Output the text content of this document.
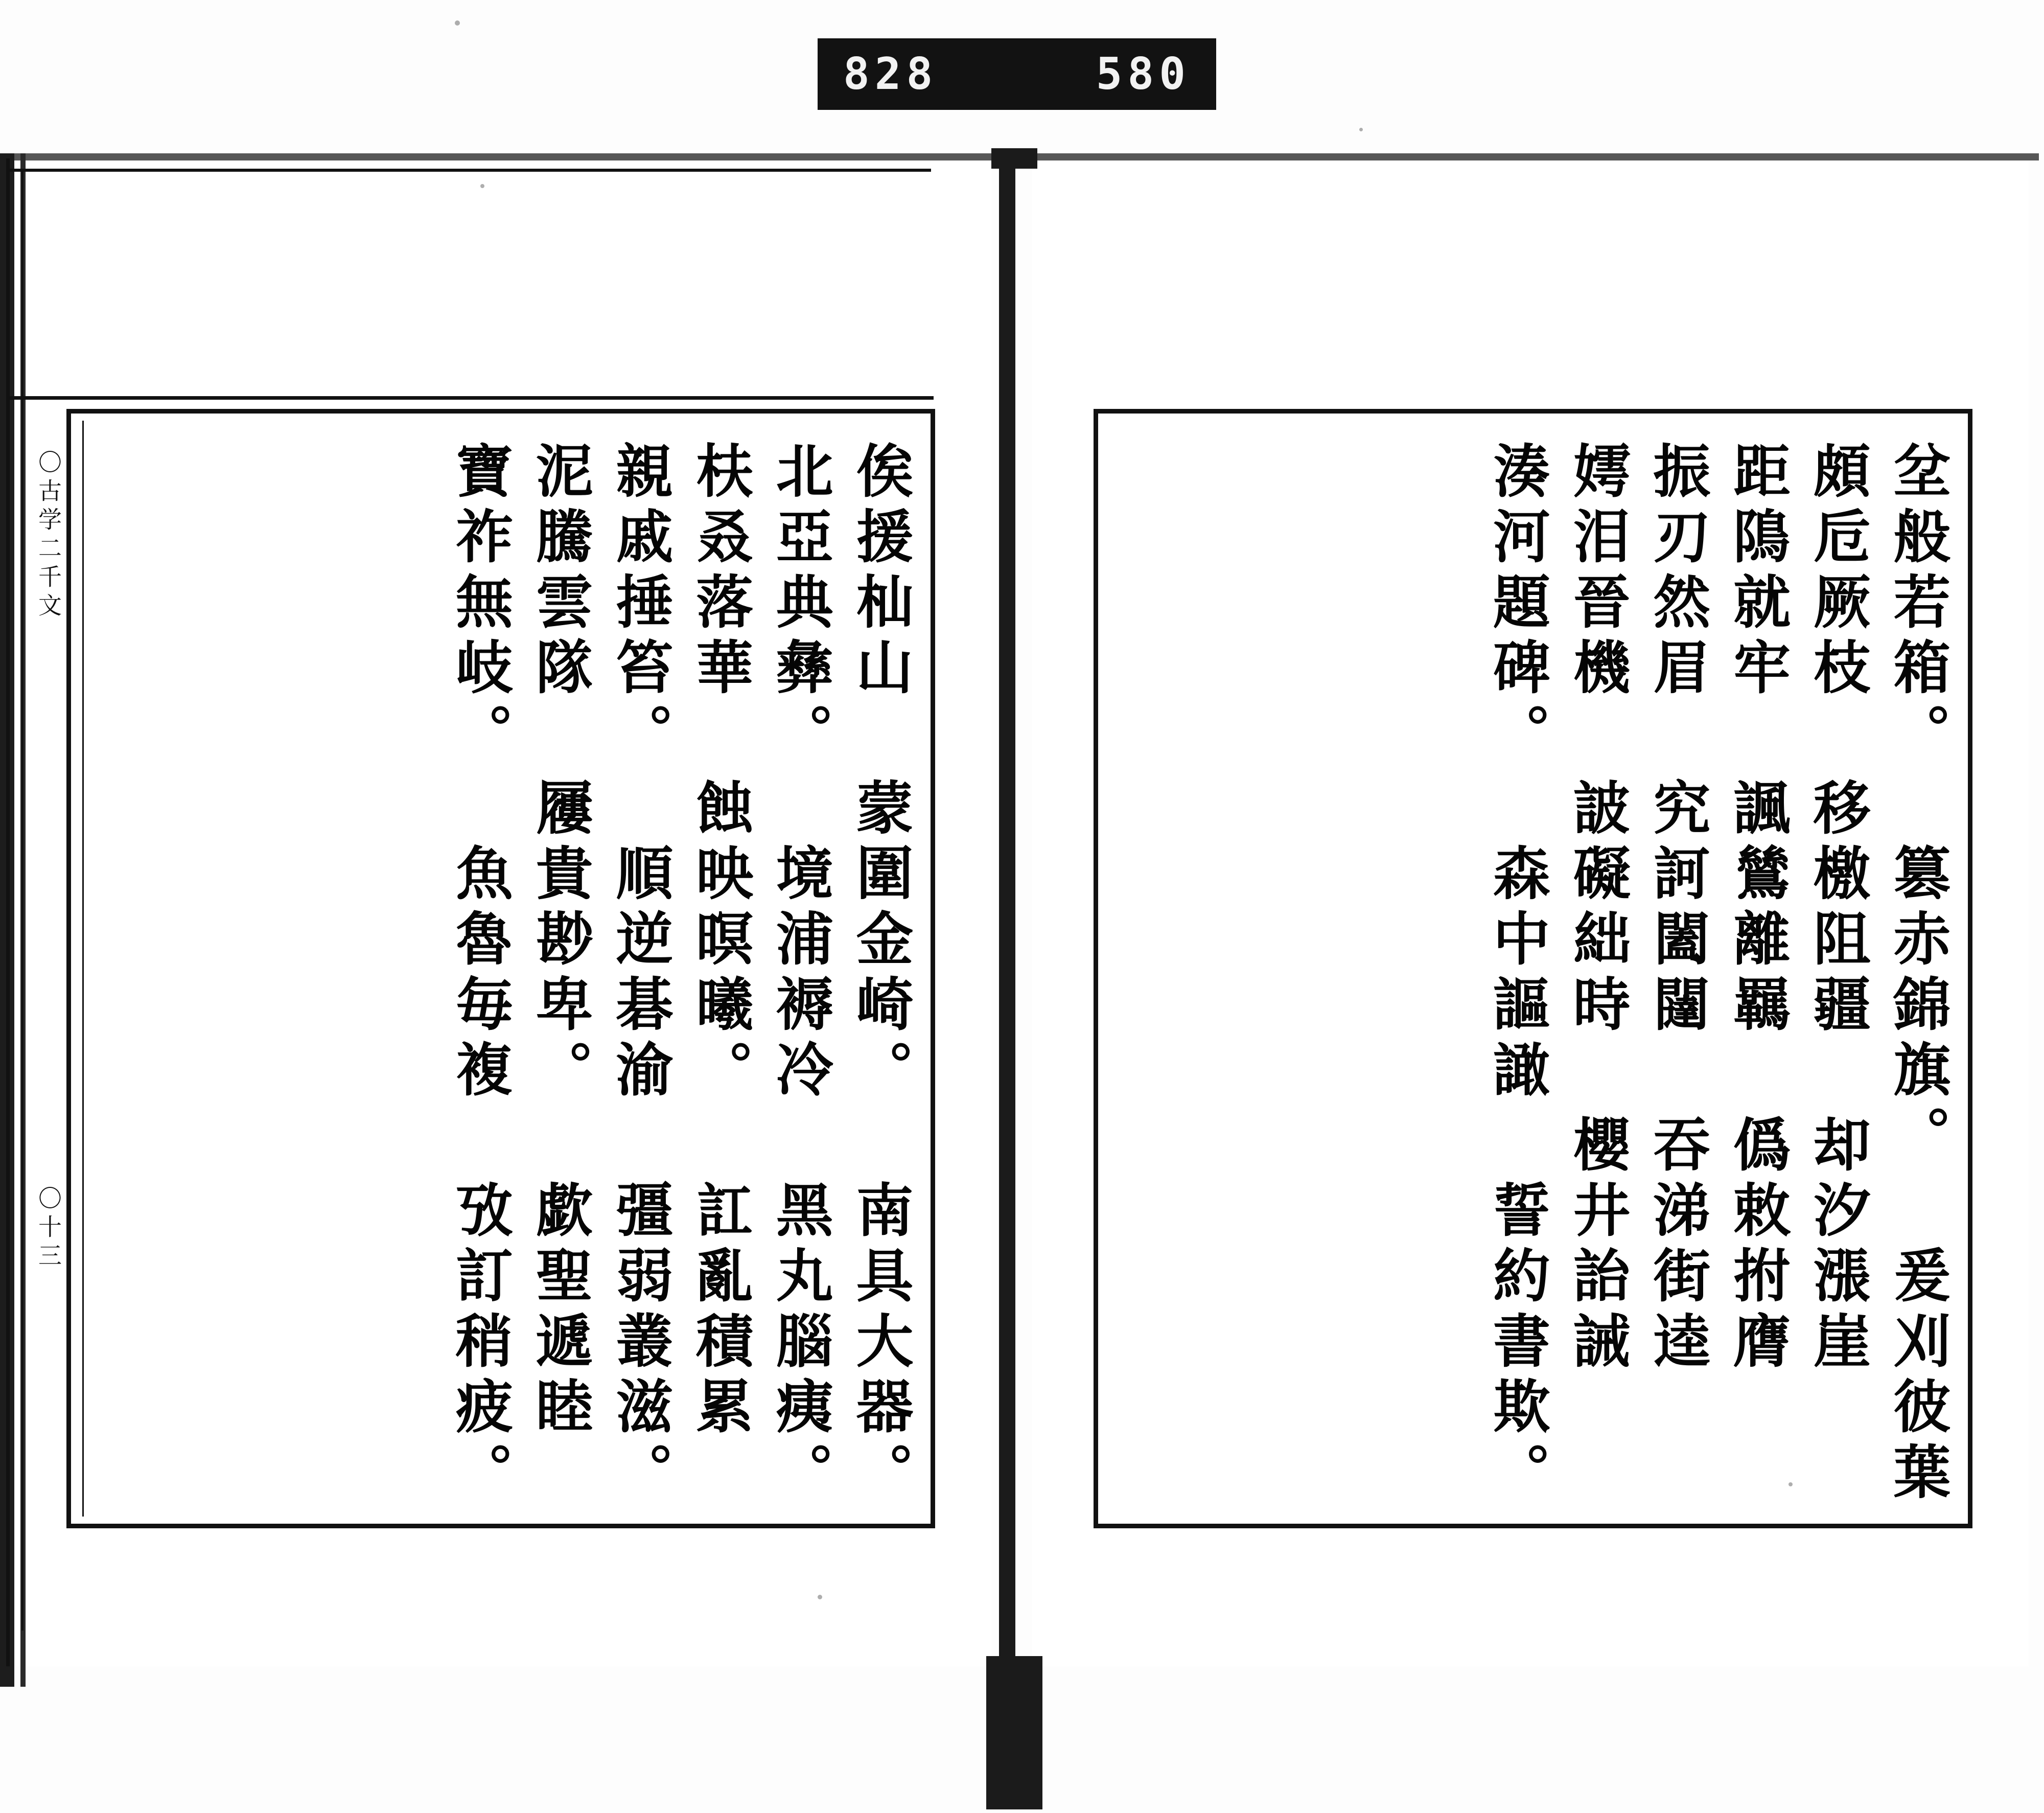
828	580
〇古学二千文
〇十三	坌般若箱。 篡赤錦旗。 爰刈彼葉
頗卮厥枝 移檄阻疆 却汐漲崖
距隝就牢 諷鷥離羈 僞敕拊膺
振刃然眉 究訶闔闥 吞涕街逵
嫮泪晉機 詖礙絀時 櫻井詒誡
湊河題碑。 森中謳譀 誓約書欺。
俟援杣山 蒙圍金崎。 南具大器。
北亞典彝。 境浦褥冷 黑丸腦痍。
枎叒落華 蝕映暝曦。 訌亂積累
親戚捶笞。 順逆碁渝 彊弱叢滋。
泥騰雲隊 屨貴尠卑。 歔聖遞睦
寶祚無岐。 魚魯毎複 攷訂稍疲。
